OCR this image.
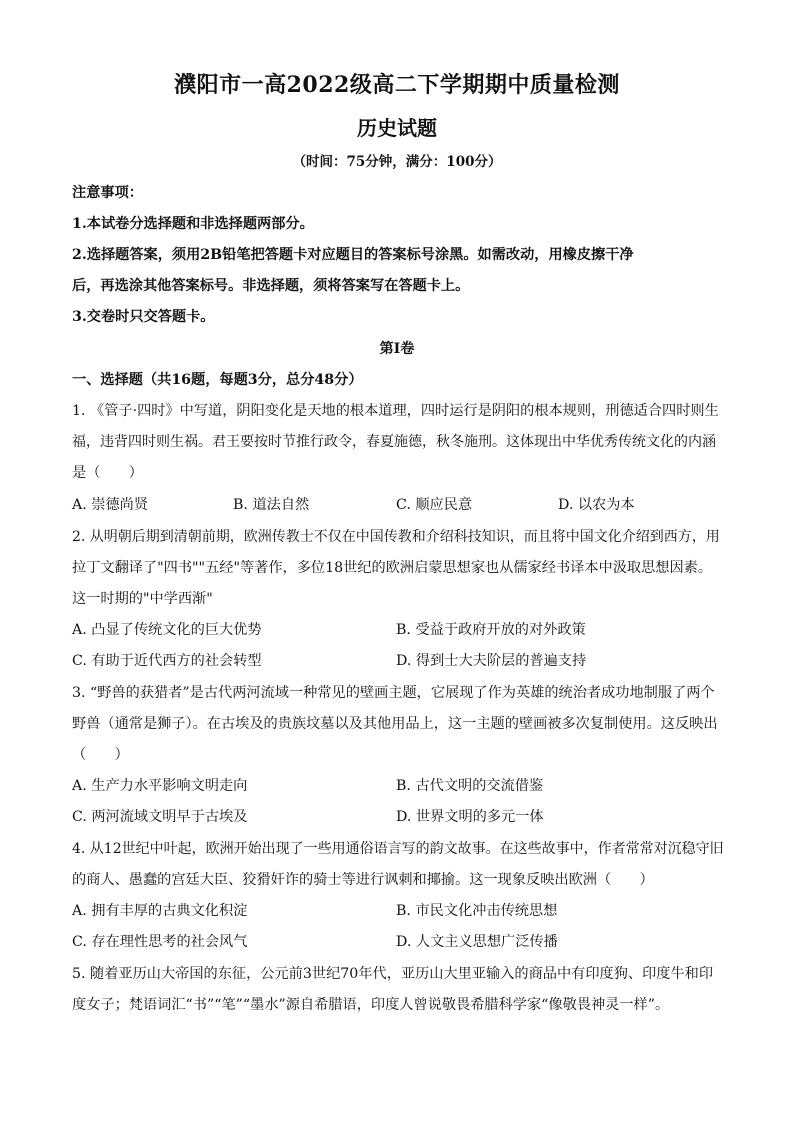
濮阳市一高2022级高二下学期期中质量检测
历史试题
（时间：75分钟，满分：100分）
注意事项：
1.本试卷分选择题和非选择题两部分。
2.选择题答案，须用2B铅笔把答题卡对应题目的答案标号涂黑。如需改动，用橡皮擦干净
后，再选涂其他答案标号。非选择题，须将答案写在答题卡上。
3.交卷时只交答题卡。
第Ⅰ卷
一、选择题（共16题，每题3分，总分48分）
1. 《管子·四时》中写道，阴阳变化是天地的根本道理，四时运行是阴阳的根本规则，刑德适合四时则生
福，违背四时则生祸。君王要按时节推行政令，春夏施德，秋冬施刑。这体现出中华优秀传统文化的内涵
是（　　）
A. 崇德尚贤	B. 道法自然	C. 顺应民意	D. 以农为本
2. 从明朝后期到清朝前期，欧洲传教士不仅在中国传教和介绍科技知识，而且将中国文化介绍到西方，用
拉丁文翻译了"四书""五经"等著作，多位18世纪的欧洲启蒙思想家也从儒家经书译本中汲取思想因素。
这一时期的"中学西渐"
A. 凸显了传统文化的巨大优势	B. 受益于政府开放的对外政策
C. 有助于近代西方的社会转型	D. 得到士大夫阶层的普遍支持
3. “野兽的获猎者”是古代两河流域一种常见的壁画主题，它展现了作为英雄的统治者成功地制服了两个
野兽（通常是狮子）。在古埃及的贵族坟墓以及其他用品上，这一主题的壁画被多次复制使用。这反映出
（　　）
A. 生产力水平影响文明走向	B. 古代文明的交流借鉴
C. 两河流域文明早于古埃及	D. 世界文明的多元一体
4. 从12世纪中叶起，欧洲开始出现了一些用通俗语言写的韵文故事。在这些故事中，作者常常对沉稳守旧
的商人、愚蠢的宫廷大臣、狡猾奸诈的骑士等进行讽刺和揶揄。这一现象反映出欧洲（　　）
A. 拥有丰厚的古典文化积淀	B. 市民文化冲击传统思想
C. 存在理性思考的社会风气	D. 人文主义思想广泛传播
5. 随着亚历山大帝国的东征，公元前3世纪70年代，亚历山大里亚输入的商品中有印度狗、印度牛和印
度女子；梵语词汇“书”“笔”“墨水”源自希腊语，印度人曾说敬畏希腊科学家“像敬畏神灵一样”。
